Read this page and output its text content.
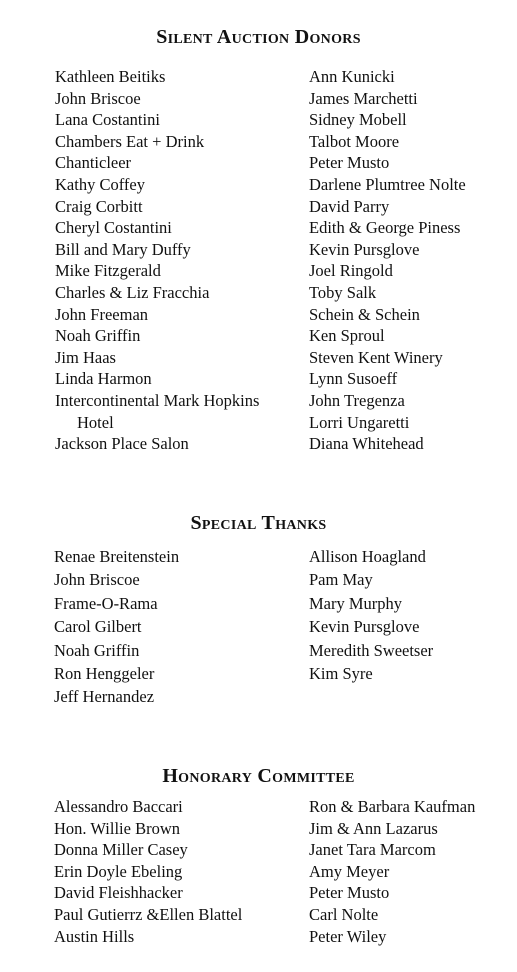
Silent Auction Donors
Kathleen Beitiks
John Briscoe
Lana Costantini
Chambers Eat + Drink
Chanticleer
Kathy Coffey
Craig Corbitt
Cheryl Costantini
Bill and Mary Duffy
Mike Fitzgerald
Charles & Liz Fracchia
John Freeman
Noah Griffin
Jim Haas
Linda Harmon
Intercontinental Mark Hopkins Hotel
Jackson Place Salon
Ann Kunicki
James Marchetti
Sidney Mobell
Talbot Moore
Peter Musto
Darlene Plumtree Nolte
David Parry
Edith & George Piness
Kevin Pursglove
Joel Ringold
Toby Salk
Schein & Schein
Ken Sproul
Steven Kent Winery
Lynn Susoeff
John Tregenza
Lorri Ungaretti
Diana Whitehead
Special Thanks
Renae Breitenstein
John Briscoe
Frame-O-Rama
Carol Gilbert
Noah Griffin
Ron Henggeler
Jeff Hernandez
Allison Hoagland
Pam May
Mary Murphy
Kevin Pursglove
Meredith Sweetser
Kim Syre
Honorary Committee
Alessandro Baccari
Hon. Willie Brown
Donna Miller Casey
Erin Doyle Ebeling
David Fleishhacker
Paul Gutierrz &Ellen Blattel
Austin Hills
Ron & Barbara Kaufman
Jim & Ann Lazarus
Janet Tara Marcom
Amy Meyer
Peter Musto
Carl Nolte
Peter Wiley
